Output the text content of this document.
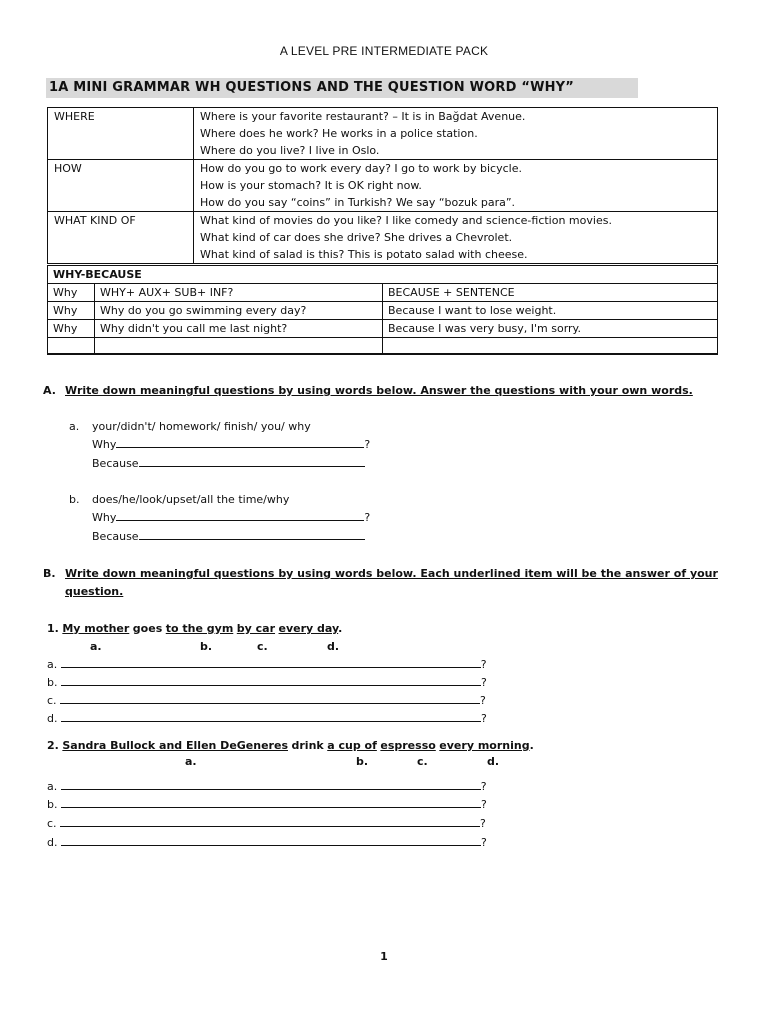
A LEVEL PRE INTERMEDIATE PACK
1A MINI GRAMMAR WH QUESTIONS AND THE QUESTION WORD “WHY”
WHERE	Where is your favorite restaurant? – It is in Bağdat Avenue.
Where does he work? He works in a police station.
Where do you live? I live in Oslo.

HOW	How do you go to work every day? I go to work by bicycle.
How is your stomach? It is OK right now.
How do you say “coins” in Turkish? We say “bozuk para”.

WHAT KIND OF	What kind of movies do you like? I like comedy and science-fiction movies.
What kind of car does she drive? She drives a Chevrolet.
What kind of salad is this? This is potato salad with cheese.
WHY-BECAUSE
Why	WHY+ AUX+ SUB+ INF?	BECAUSE + SENTENCE
Why	Why do you go swimming every day?	Because I want to lose weight.
Why	Why didn't you call me last night?	Because I was very busy, I'm sorry.

A. Write down meaningful questions by using words below. Answer the questions with your own words.
a. your/didn't/ homework/ finish/ you/ why
Why	?
Because
b. does/he/look/upset/all the time/why
Why	?
Because
B. Write down meaningful questions by using words below. Each underlined item will be the answer of your
question.
1. My mother goes to the gym by car every day.
a.	b.	c.	d.
a.	?
b.	?
c.	?
d.	?
2. Sandra Bullock and Ellen DeGeneres drink a cup of espresso every morning.
a.	b.	c.	d.
a.	?
b.	?
c.	?
d.	?
1
